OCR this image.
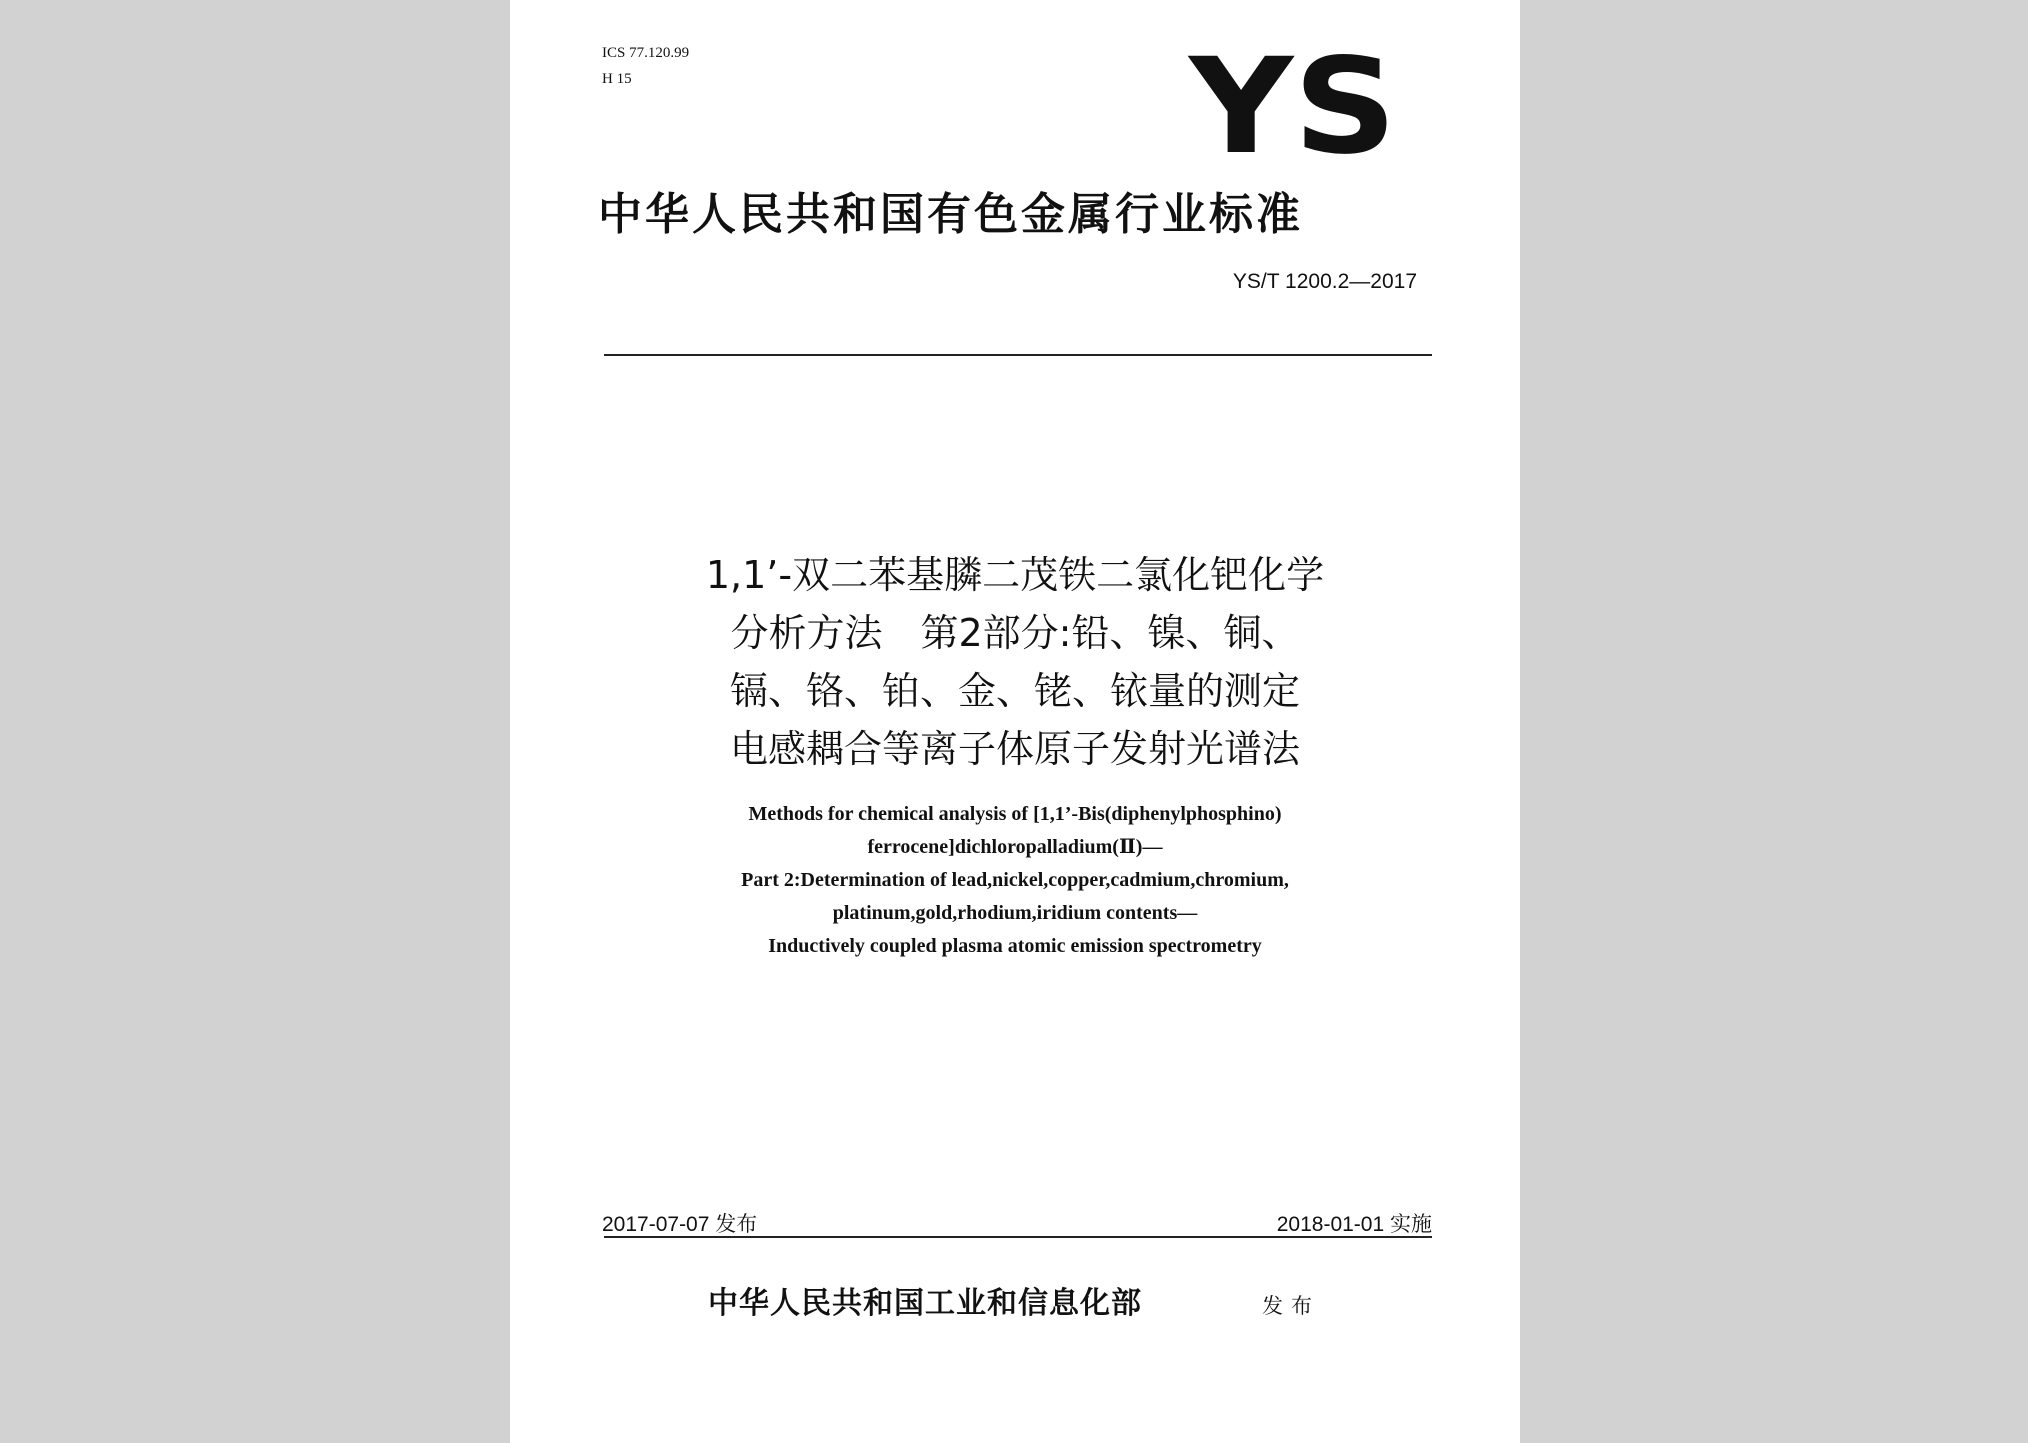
ICS 77.120.99
H 15	YS
中华人民共和国有色金属行业标准
YS/T 1200.2—2017
1,1’-双二苯基膦二茂铁二氯化钯化学
分析方法　第2部分:铅、镍、铜、
镉、铬、铂、金、铑、铱量的测定
电感耦合等离子体原子发射光谱法
Methods for chemical analysis of [1,1’-Bis(diphenylphosphino)
ferrocene]dichloropalladium(Ⅱ)—
Part 2:Determination of lead,nickel,copper,cadmium,chromium,
platinum,gold,rhodium,iridium contents—
Inductively coupled plasma atomic emission spectrometry
2017-07-07 发布	2018-01-01 实施
中华人民共和国工业和信息化部	发布
